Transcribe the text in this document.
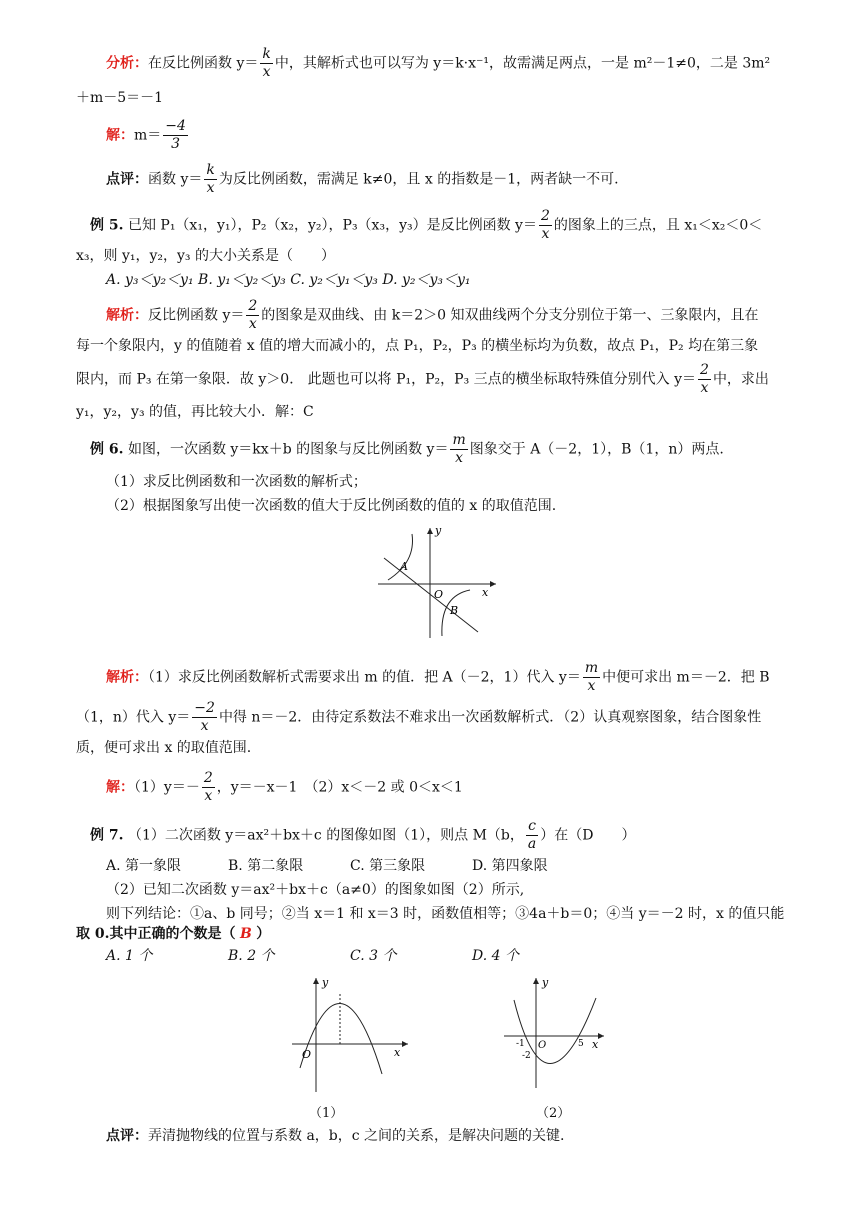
分析：在反比例函数 $y= \frac{k}{x}$ 中，其解析式也可以写为 y＝k·x⁻¹，故需满足两点，一是 m²－1≠0，二是 3m²
＋m－5＝－1
解：$m= \frac{-4}{3}$
点评：函数 $y= \frac{k}{x}$ 为反比例函数，需满足 k≠0，且 x 的指数是－1，两者缺一不可.
例 5. 已知 P₁（x₁，y₁），P₂（x₂，y₂），P₃（x₃，y₃）是反比例函数 $y= \frac{2}{x}$ 的图象上的三点，且 x₁＜x₂＜0＜
x₃，则 y₁，y₂，y₃ 的大小关系是（　　）
A. y₃＜y₂＜y₁ B. y₁＜y₂＜y₃ C. y₂＜y₁＜y₃ D. y₂＜y₃＜y₁
解析：反比例函数 $y= \frac{2}{x}$ 的图象是双曲线、由 k＝2＞0 知双曲线两个分支分别位于第一、三象限内，且在
每一个象限内，y 的值随着 x 值的增大而减小的，点 P₁，P₂，P₃ 的横坐标均为负数，故点 P₁，P₂ 均在第三象
限内，而 P₃ 在第一象限．故 y＞0． 此题也可以将 P₁，P₂，P₃ 三点的横坐标取特殊值分别代入 $y= \frac{2}{x}$ 中，求出
y₁，y₂，y₃ 的值，再比较大小．解：C
例 6. 如图，一次函数 y＝kx＋b 的图象与反比例函数 $y= \frac{m}{x}$ 图象交于 A（－2，1），B（1，n）两点.
（1）求反比例函数和一次函数的解析式；
（2）根据图象写出使一次函数的值大于反比例函数的值的 x 的取值范围.
y
x
O
A
B
解析：（1）求反比例函数解析式需要求出 m 的值．把 A（－2，1）代入 $y= \frac{m}{x}$ 中便可求出 m＝－2．把 B
（1，n）代入 $y= \frac{-2}{x}$ 中得 n＝－2．由待定系数法不难求出一次函数解析式．（2）认真观察图象，结合图象性
质，便可求出 x 的取值范围.
解：$(1)y=- \frac{2}{x}$ ，y＝－x－1　（2）x＜－2 或 0＜x＜1
例 7. （1）二次函数 y＝ax²＋bx＋c 的图像如图（1），则点 M（b， $\frac{c}{a}$ ）在（D　　）
A. 第一象限	B. 第二象限	C. 第三象限	D. 第四象限
（2）已知二次函数 y＝ax²＋bx＋c（a≠0）的图象如图（2）所示,
则下列结论：①a、b 同号；②当 x＝1 和 x＝3 时，函数值相等；③4a＋b＝0；④当 y＝－2 时，x 的值只能
取 0.其中正确的个数是（ B ）
A. 1 个	B. 2 个	C. 3 个	D. 4 个
y
x
O
（1）
y
x
O
-1
-2
5
（2）
点评：弄清抛物线的位置与系数 a，b，c 之间的关系，是解决问题的关键.
